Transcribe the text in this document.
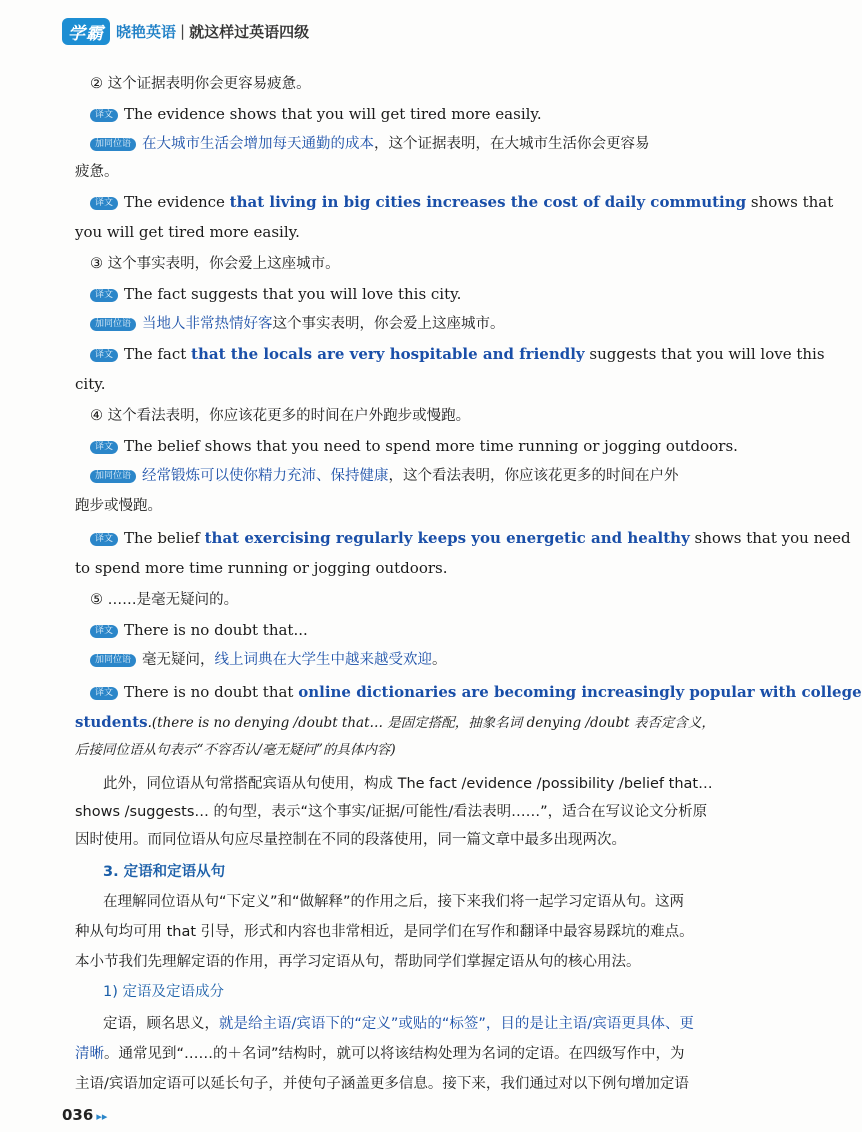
学霸 晓艳英语 | 就这样过英语四级
② 这个证据表明你会更容易疲惫。
译文 The evidence shows that you will get tired more easily.
加同位语 在大城市生活会增加每天通勤的成本，这个证据表明，在大城市生活你会更容易
疲惫。
译文 The evidence that living in big cities increases the cost of daily commuting shows that
you will get tired more easily.
③ 这个事实表明，你会爱上这座城市。
译文 The fact suggests that you will love this city.
加同位语 当地人非常热情好客这个事实表明，你会爱上这座城市。
译文 The fact that the locals are very hospitable and friendly suggests that you will love this
city.
④ 这个看法表明，你应该花更多的时间在户外跑步或慢跑。
译文 The belief shows that you need to spend more time running or jogging outdoors.
加同位语 经常锻炼可以使你精力充沛、保持健康，这个看法表明，你应该花更多的时间在户外
跑步或慢跑。
译文 The belief that exercising regularly keeps you energetic and healthy shows that you need
to spend more time running or jogging outdoors.
⑤ ……是毫无疑问的。
译文 There is no doubt that...
加同位语 毫无疑问，线上词典在大学生中越来越受欢迎。
译文 There is no doubt that online dictionaries are becoming increasingly popular with college
students.(there is no denying /doubt that… 是固定搭配，抽象名词 denying /doubt 表否定含义，
后接同位语从句表示“不容否认/毫无疑问”的具体内容)
此外，同位语从句常搭配宾语从句使用，构成 The fact /evidence /possibility /belief that…
shows /suggests… 的句型，表示“这个事实/证据/可能性/看法表明……”，适合在写议论文分析原
因时使用。而同位语从句应尽量控制在不同的段落使用，同一篇文章中最多出现两次。
3. 定语和定语从句
在理解同位语从句“下定义”和“做解释”的作用之后，接下来我们将一起学习定语从句。这两
种从句均可用 that 引导，形式和内容也非常相近，是同学们在写作和翻译中最容易踩坑的难点。
本小节我们先理解定语的作用，再学习定语从句，帮助同学们掌握定语从句的核心用法。
1) 定语及定语成分
定语，顾名思义，就是给主语/宾语下的“定义”或贴的“标签”，目的是让主语/宾语更具体、更
清晰。通常见到“……的＋名词”结构时，就可以将该结构处理为名词的定语。在四级写作中，为
主语/宾语加定语可以延长句子，并使句子涵盖更多信息。接下来，我们通过对以下例句增加定语
036 ▸▸
